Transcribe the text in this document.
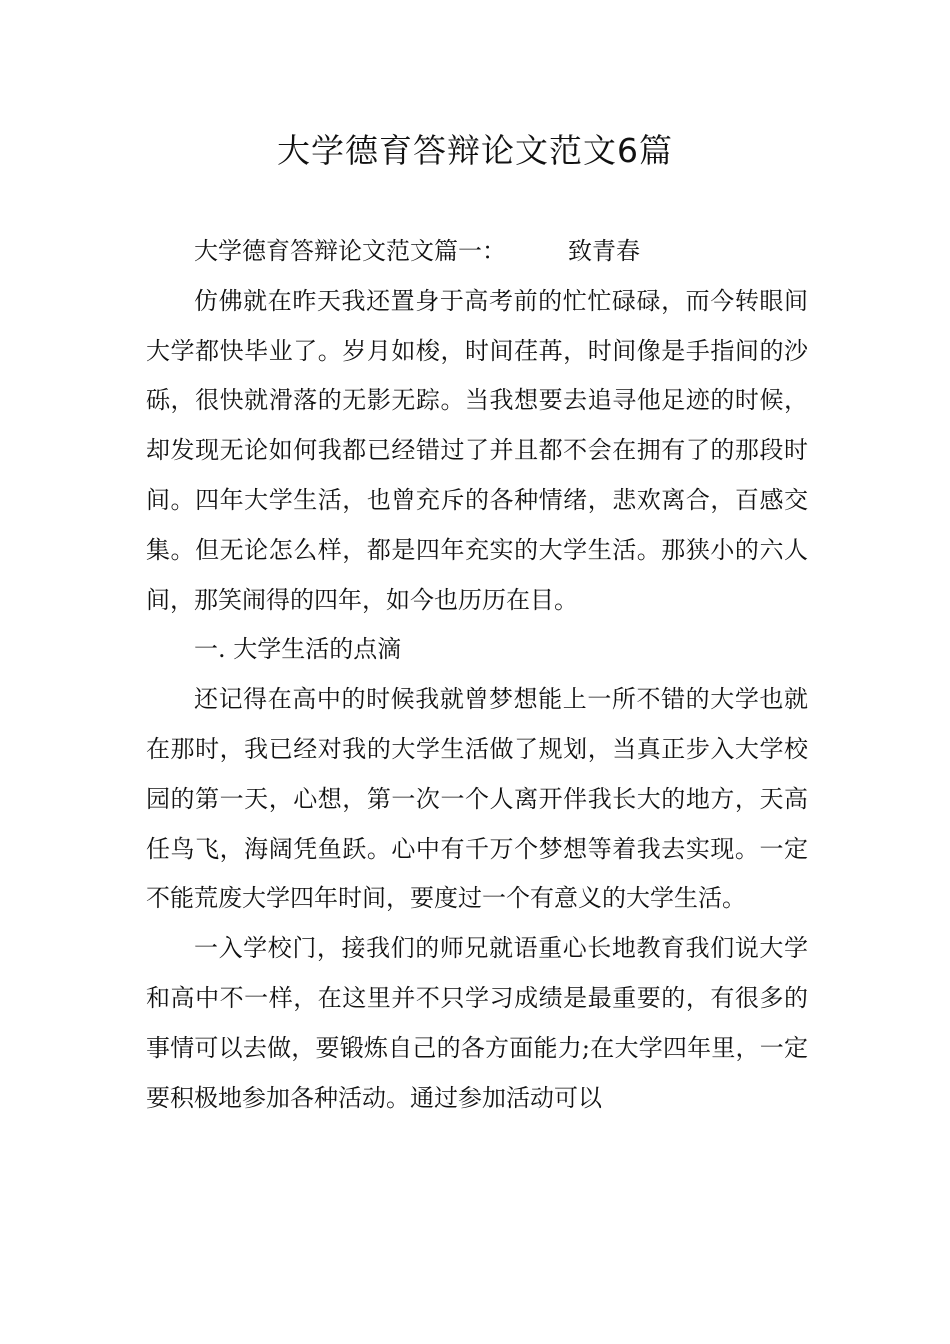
大学德育答辩论文范文6篇

大学德育答辩论文范文篇一：	致青春

仿佛就在昨天我还置身于高考前的忙忙碌碌，而今转眼间大学都快毕业了。岁月如梭，时间荏苒，时间像是手指间的沙砾，很快就滑落的无影无踪。当我想要去追寻他足迹的时候，却发现无论如何我都已经错过了并且都不会在拥有了的那段时间。四年大学生活，也曾充斥的各种情绪，悲欢离合，百感交集。但无论怎么样，都是四年充实的大学生活。那狭小的六人间，那笑闹得的四年，如今也历历在目。

一. 大学生活的点滴

还记得在高中的时候我就曾梦想能上一所不错的大学也就在那时，我已经对我的大学生活做了规划，当真正步入大学校园的第一天，心想，第一次一个人离开伴我长大的地方，天高任鸟飞，海阔凭鱼跃。心中有千万个梦想等着我去实现。一定不能荒废大学四年时间，要度过一个有意义的大学生活。

一入学校门，接我们的师兄就语重心长地教育我们说大学和高中不一样，在这里并不只学习成绩是最重要的，有很多的事情可以去做，要锻炼自己的各方面能力;在大学四年里，一定要积极地参加各种活动。通过参加活动可以
